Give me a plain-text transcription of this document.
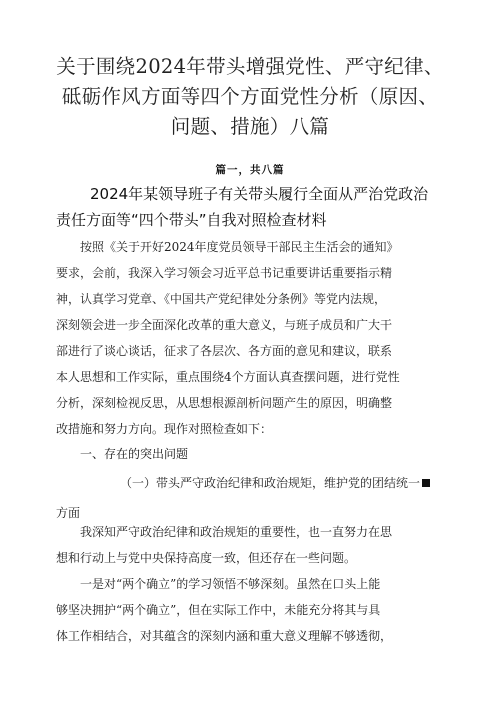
关于围绕2024年带头增强党性、严守纪律、
砥砺作风方面等四个方面党性分析（原因、
问题、措施）八篇
篇一，共八篇
2024年某领导班子有关带头履行全面从严治党政治
责任方面等“四个带头”自我对照检查材料
按照《关于开好2024年度党员领导干部民主生活会的通知》
要求，会前，我深入学习领会习近平总书记重要讲话重要指示精
神，认真学习党章、《中国共产党纪律处分条例》等党内法规，
深刻领会进一步全面深化改革的重大意义，与班子成员和广大干
部进行了谈心谈话，征求了各层次、各方面的意见和建议，联系
本人思想和工作实际，重点围绕4个方面认真查摆问题，进行党性
分析，深刻检视反思，从思想根源剖析问题产生的原因，明确整
改措施和努力方向。现作对照检查如下：
一、存在的突出问题
（一）带头严守政治纪律和政治规矩，维护党的团结统一
方面
我深知严守政治纪律和政治规矩的重要性，也一直努力在思
想和行动上与党中央保持高度一致，但还存在一些问题。
一是对“两个确立”的学习领悟不够深刻。虽然在口头上能
够坚决拥护“两个确立”，但在实际工作中，未能充分将其与具
体工作相结合，对其蕴含的深刻内涵和重大意义理解不够透彻，
